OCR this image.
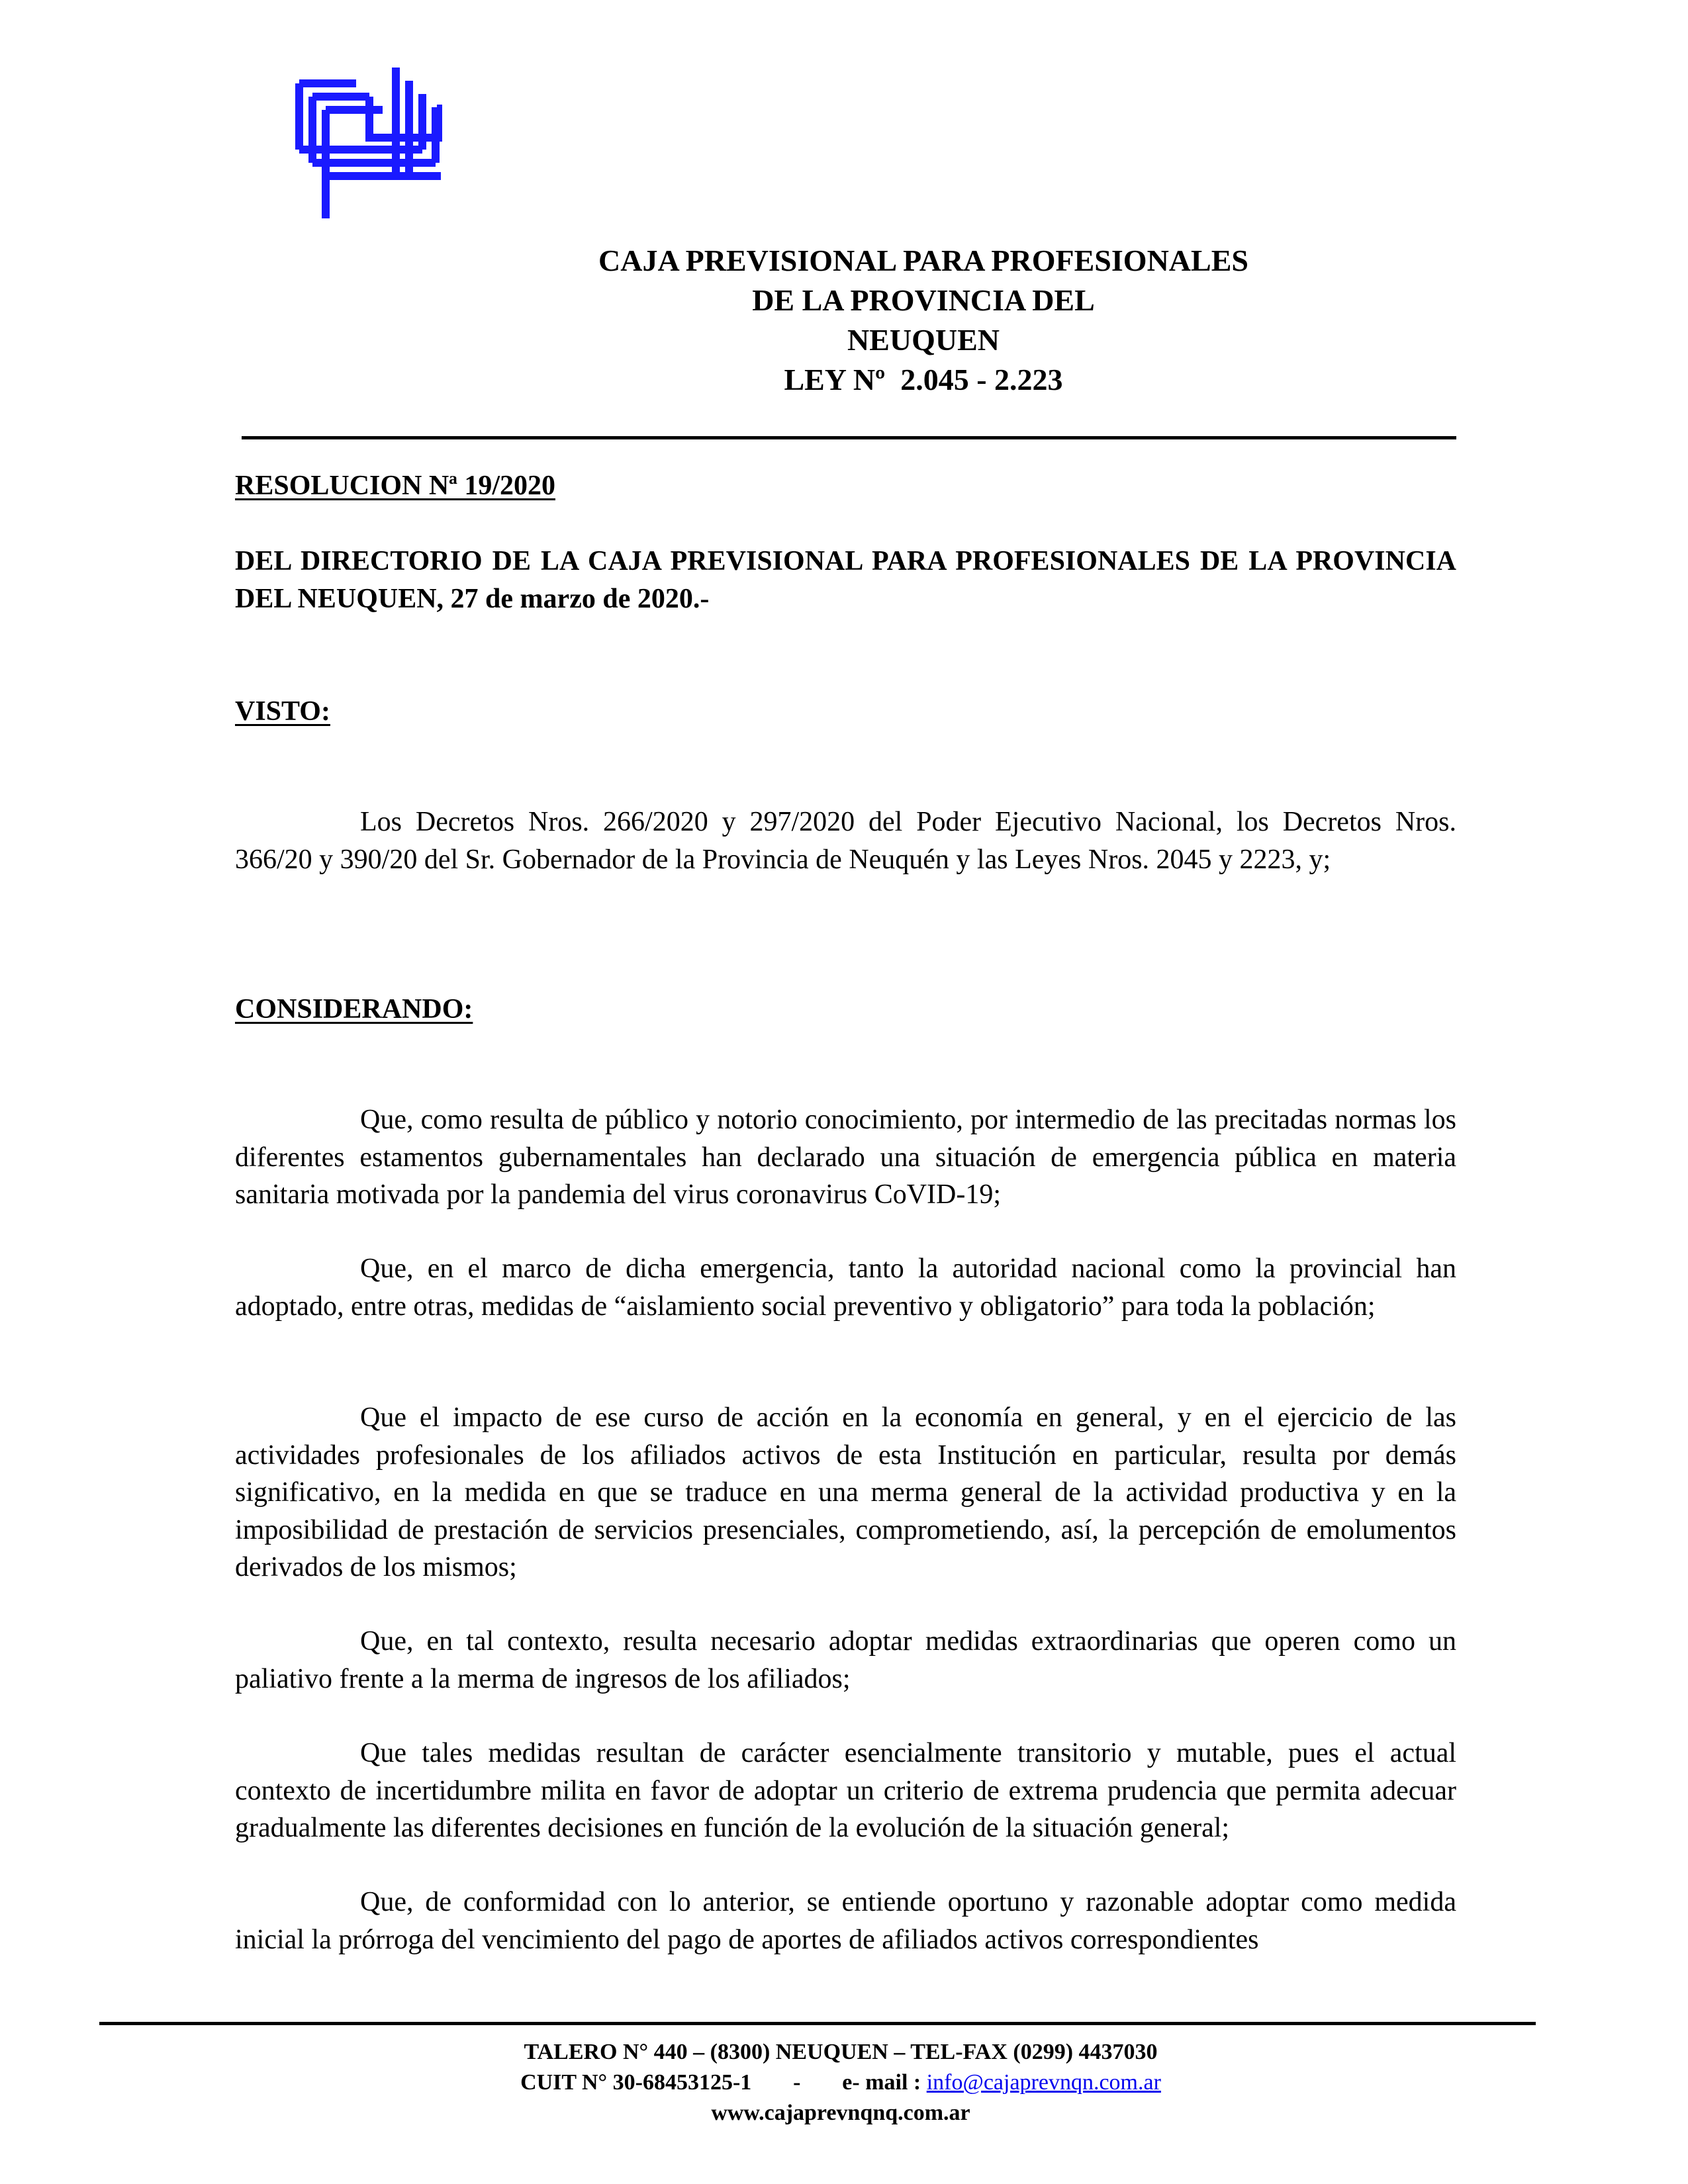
CAJA PREVISIONAL PARA PROFESIONALES
DE LA PROVINCIA DEL
NEUQUEN
LEY Nº  2.045 - 2.223
RESOLUCION Nª 19/2020
DEL DIRECTORIO DE LA CAJA PREVISIONAL PARA PROFESIONALES DE LA PROVINCIA DEL NEUQUEN, 27 de marzo de 2020.-
VISTO:
Los Decretos Nros. 266/2020 y 297/2020 del Poder Ejecutivo Nacional, los Decretos Nros. 366/20 y 390/20 del Sr. Gobernador de la Provincia de Neuquén y las Leyes Nros. 2045 y 2223, y;
CONSIDERANDO:
Que, como resulta de público y notorio conocimiento, por intermedio de las precitadas normas los diferentes estamentos gubernamentales han declarado una situación de emergencia pública en materia sanitaria motivada por la pandemia del virus coronavirus CoVID-19;
Que, en el marco de dicha emergencia, tanto la autoridad nacional como la provincial han adoptado, entre otras, medidas de “aislamiento social preventivo y obligatorio” para toda la población;
Que el impacto de ese curso de acción en la economía en general, y en el ejercicio de las actividades profesionales de los afiliados activos de esta Institución en particular, resulta por demás significativo, en la medida en que se traduce en una merma general de la actividad productiva y en la imposibilidad de prestación de servicios presenciales, comprometiendo, así, la percepción de emolumentos derivados de los mismos;
Que, en tal contexto, resulta necesario adoptar medidas extraordinarias que operen como un paliativo frente a la merma de ingresos de los afiliados;
Que tales medidas resultan de carácter esencialmente transitorio y mutable, pues el actual contexto de incertidumbre milita en favor de adoptar un criterio de extrema prudencia que permita adecuar gradualmente las diferentes decisiones en función de la evolución de la situación general;
Que, de conformidad con lo anterior, se entiende oportuno y razonable adoptar como medida inicial la prórroga del vencimiento del pago de aportes de afiliados activos correspondientes
TALERO N° 440 – (8300) NEUQUEN – TEL-FAX (0299) 4437030
CUIT N° 30-68453125-1 - e- mail : info@cajaprevnqn.com.ar
www.cajaprevnqnq.com.ar
